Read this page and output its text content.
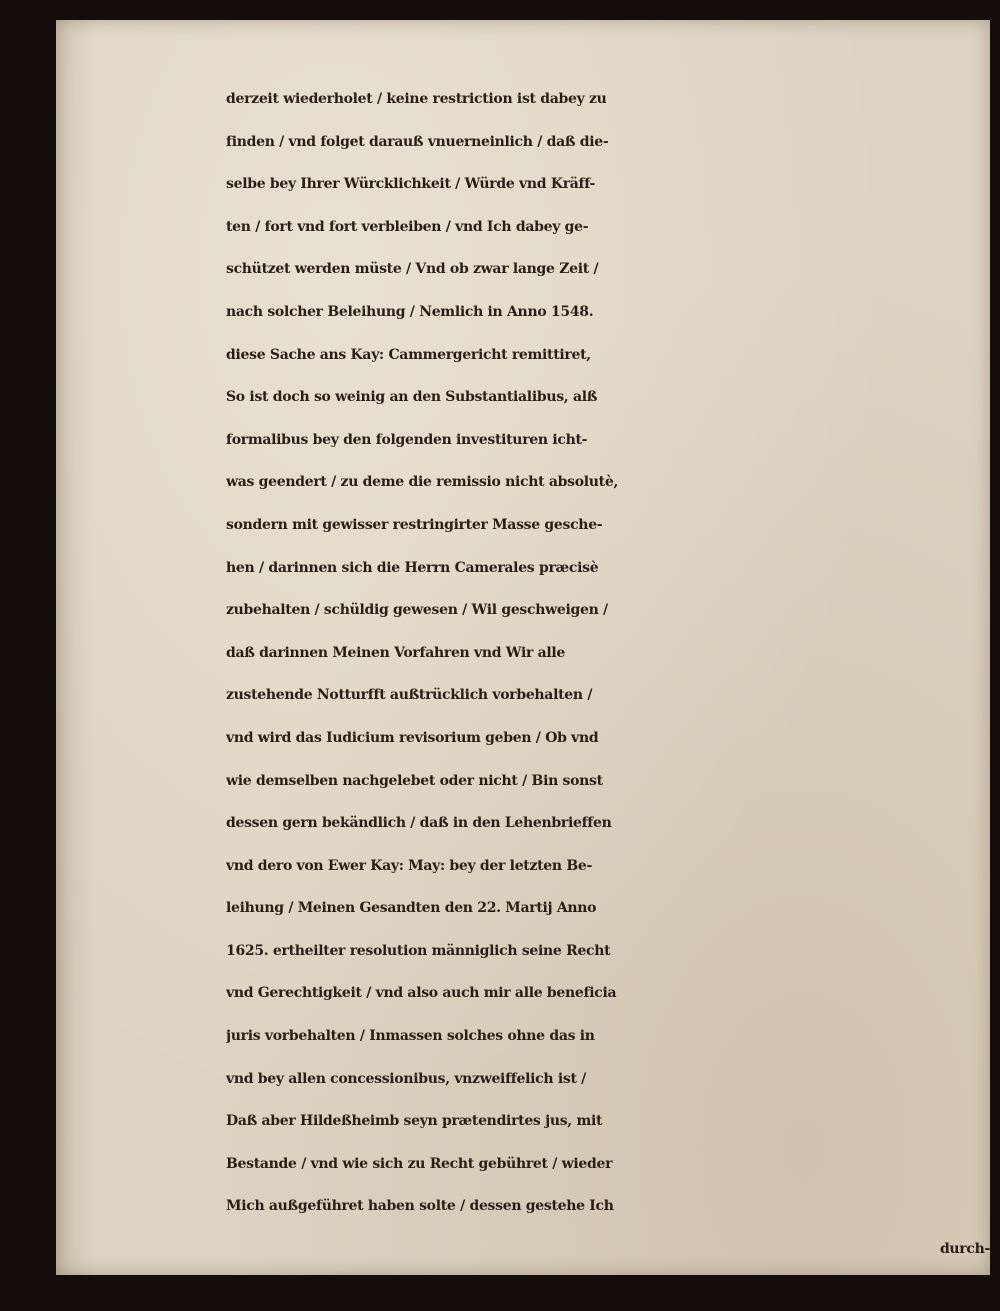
derzeit wiederholet / keine restriction ist dabey zu
finden / vnd folget darauß vnuerneinlich / daß die-
selbe bey Ihrer Würcklichkeit / Würde vnd Kräff-
ten / fort vnd fort verbleiben / vnd Ich dabey ge-
schützet werden müste / Vnd ob zwar lange Zeit /
nach solcher Beleihung / Nemlich in Anno 1548.
diese Sache ans Kay: Cammergericht remittiret,
So ist doch so weinig an den Substantialibus, alß
formalibus bey den folgenden investituren icht-
was geendert / zu deme die remissio nicht absolutè,
sondern mit gewisser restringirter Masse gesche-
hen / darinnen sich die Herrn Camerales præcisè
zubehalten / schüldig gewesen / Wil geschweigen /
daß darinnen Meinen Vorfahren vnd Wir alle
zustehende Notturfft außtrücklich vorbehalten /
vnd wird das Iudicium revisorium geben / Ob vnd
wie demselben nachgelebet oder nicht / Bin sonst
dessen gern bekändlich / daß in den Lehenbrieffen
vnd dero von Ewer Kay: May: bey der letzten Be-
leihung / Meinen Gesandten den 22. Martij Anno
1625. ertheilter resolution männiglich seine Recht
vnd Gerechtigkeit / vnd also auch mir alle beneficia
juris vorbehalten / Inmassen solches ohne das in
vnd bey allen concessionibus, vnzweiffelich ist /
Daß aber Hildeßheimb seyn prætendirtes jus, mit
Bestande / vnd wie sich zu Recht gebühret / wieder
Mich außgeführet haben solte / dessen gestehe Ich
durch-
